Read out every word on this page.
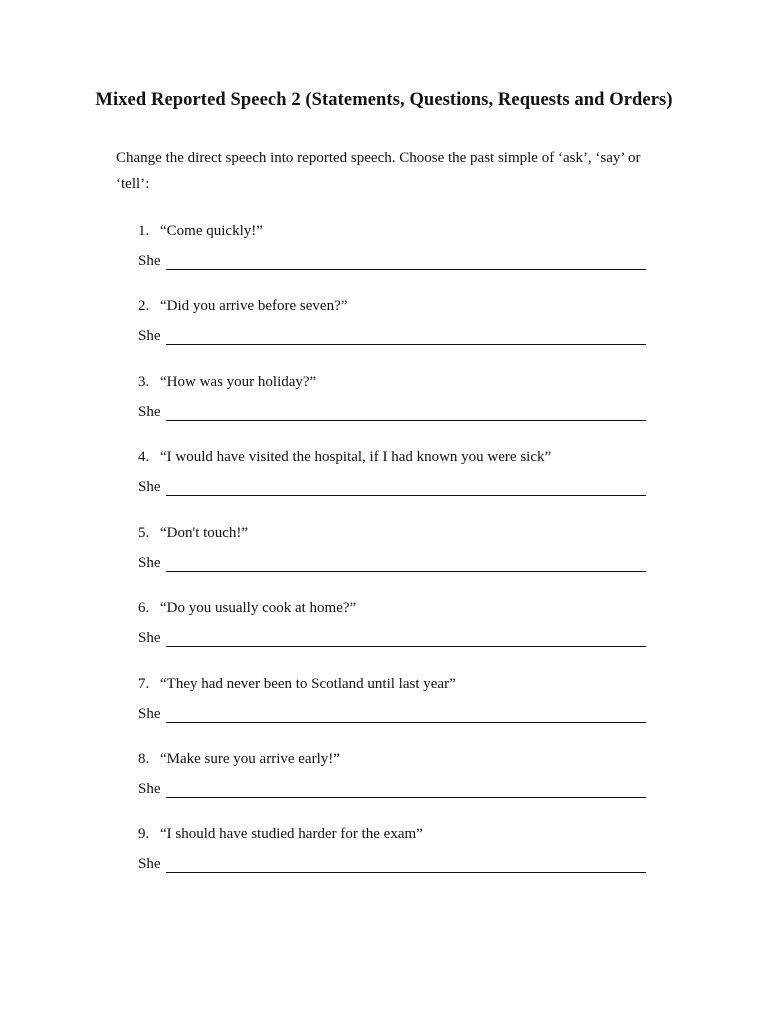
Mixed Reported Speech 2 (Statements, Questions, Requests and Orders)

Change the direct speech into reported speech. Choose the past simple of ‘ask’, ‘say’ or ‘tell’:

1. “Come quickly!”
She
2. “Did you arrive before seven?”
She
3. “How was your holiday?”
She
4. “I would have visited the hospital, if I had known you were sick”
She
5. “Don't touch!”
She
6. “Do you usually cook at home?”
She
7. “They had never been to Scotland until last year”
She
8. “Make sure you arrive early!”
She
9. “I should have studied harder for the exam”
She
